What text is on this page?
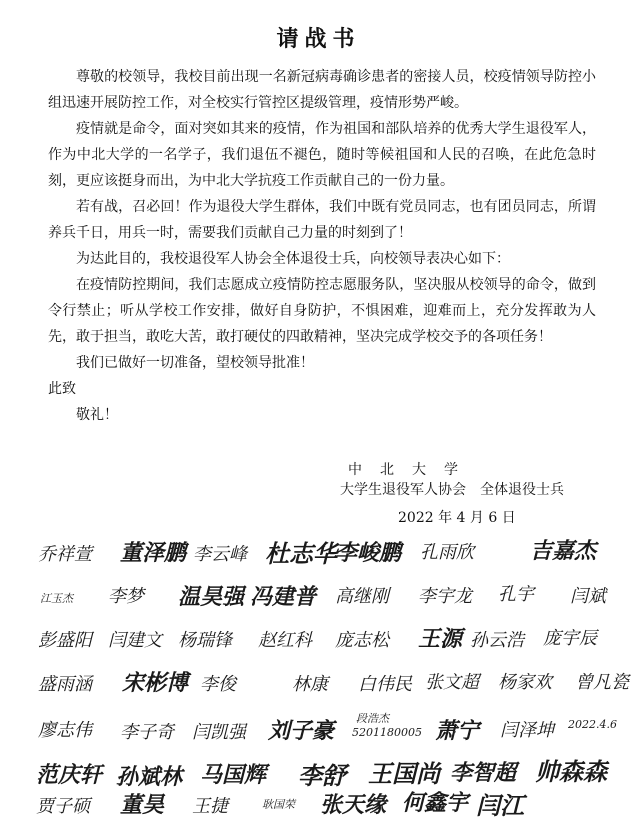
请战书

尊敬的校领导，我校目前出现一名新冠病毒确诊患者的密接人员，校疫情领导防控小组迅速开展防控工作，对全校实行管控区提级管理，疫情形势严峻。

疫情就是命令，面对突如其来的疫情，作为祖国和部队培养的优秀大学生退役军人，作为中北大学的一名学子，我们退伍不褪色，随时等候祖国和人民的召唤，在此危急时刻，更应该挺身而出，为中北大学抗疫工作贡献自己的一份力量。

若有战，召必回！作为退役大学生群体，我们中既有党员同志，也有团员同志，所谓养兵千日，用兵一时，需要我们贡献自己力量的时刻到了！

为达此目的，我校退役军人协会全体退役士兵，向校领导表决心如下：

在疫情防控期间，我们志愿成立疫情防控志愿服务队，坚决服从校领导的命令，做到令行禁止；听从学校工作安排，做好自身防护，不惧困难，迎难而上，充分发挥敢为人先，敢于担当，敢吃大苦，敢打硬仗的四敢精神，坚决完成学校交予的各项任务！

我们已做好一切准备，望校领导批准！

此致

敬礼！

中北大学
大学生退役军人协会 全体退役士兵
2022 年 4 月 6 日
乔祥萱 董泽鹏 李云峰 杜志华
李峻鹏 孔雨欣	吉嘉杰
江玉杰 李梦 温昊强 冯建普 高继刚 李宇龙 孔宇 闫斌
彭盛阳 闫建文 杨瑞锋 赵红科 庞志松 王源 孙云浩 庞宇辰
盛雨涵 宋彬博 李俊	林康 白伟民 张文超 杨家欢 曾凡瓷
廖志伟 李子奇 闫凯强 刘子豪 段浩杰
5201180005 萧宁 闫泽坤 2022.4.6
范庆轩 孙斌林 马国辉 李舒 王国尚 李智超 帅森森
贾子硕 董昊 王捷	耿国荣 张天缘 何鑫宇 闫江
